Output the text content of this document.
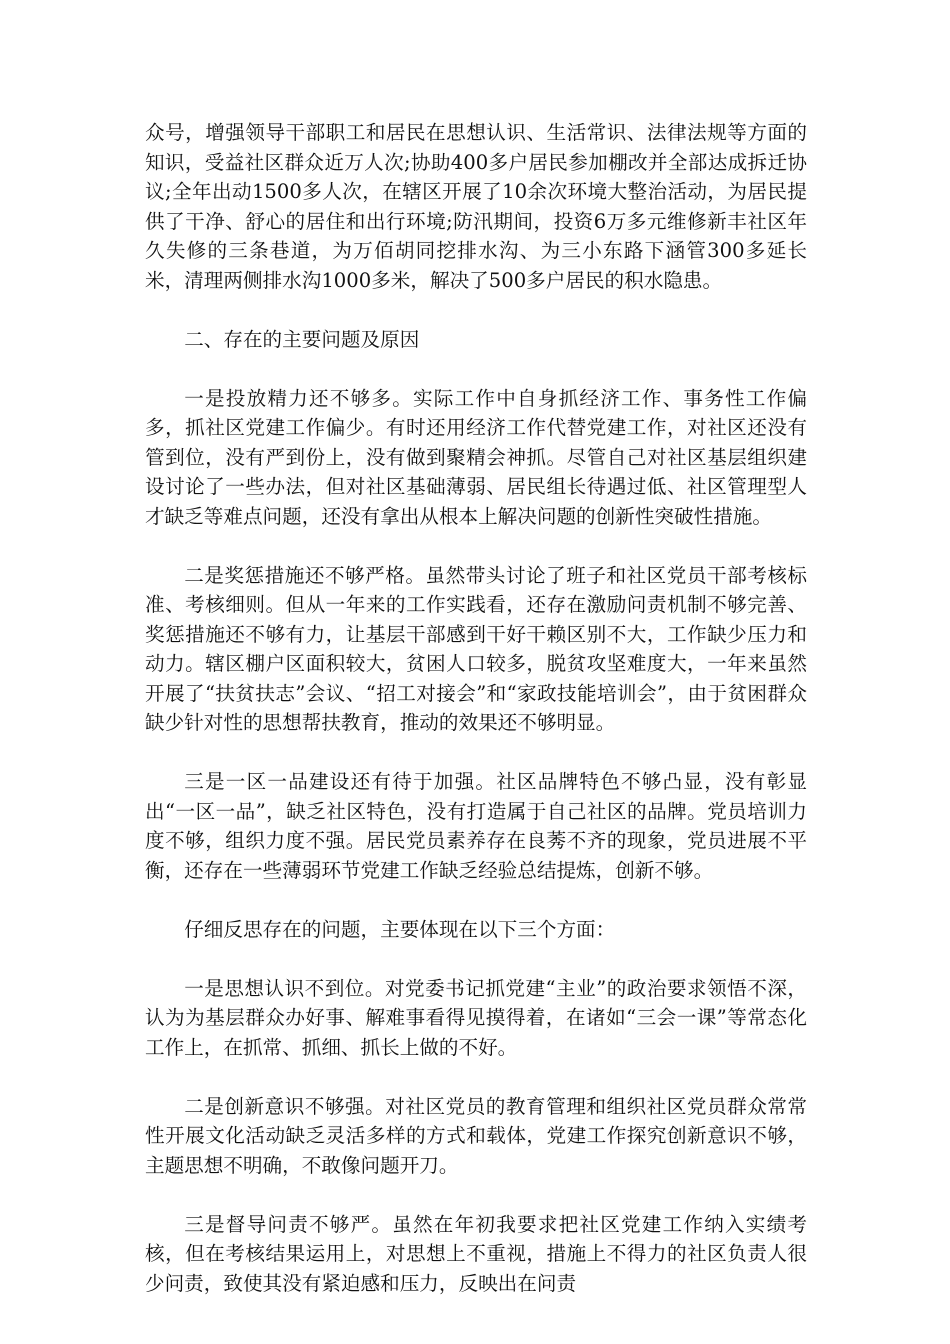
众号，增强领导干部职工和居民在思想认识、生活常识、法律法规等方面的知识，受益社区群众近万人次;协助400多户居民参加棚改并全部达成拆迁协议;全年出动1500多人次，在辖区开展了10余次环境大整治活动，为居民提供了干净、舒心的居住和出行环境;防汛期间，投资6万多元维修新丰社区年久失修的三条巷道，为万佰胡同挖排水沟、为三小东路下涵管300多延长米，清理两侧排水沟1000多米，解决了500多户居民的积水隐患。

二、存在的主要问题及原因

一是投放精力还不够多。实际工作中自身抓经济工作、事务性工作偏多，抓社区党建工作偏少。有时还用经济工作代替党建工作，对社区还没有管到位，没有严到份上，没有做到聚精会神抓。尽管自己对社区基层组织建设讨论了一些办法，但对社区基础薄弱、居民组长待遇过低、社区管理型人才缺乏等难点问题，还没有拿出从根本上解决问题的创新性突破性措施。

二是奖惩措施还不够严格。虽然带头讨论了班子和社区党员干部考核标准、考核细则。但从一年来的工作实践看，还存在激励问责机制不够完善、奖惩措施还不够有力，让基层干部感到干好干赖区别不大，工作缺少压力和动力。辖区棚户区面积较大，贫困人口较多，脱贫攻坚难度大，一年来虽然开展了“扶贫扶志”会议、“招工对接会”和“家政技能培训会”，由于贫困群众缺少针对性的思想帮扶教育，推动的效果还不够明显。

三是一区一品建设还有待于加强。社区品牌特色不够凸显，没有彰显出“一区一品”，缺乏社区特色，没有打造属于自己社区的品牌。党员培训力度不够，组织力度不强。居民党员素养存在良莠不齐的现象，党员进展不平衡，还存在一些薄弱环节党建工作缺乏经验总结提炼，创新不够。

仔细反思存在的问题，主要体现在以下三个方面：

一是思想认识不到位。对党委书记抓党建“主业”的政治要求领悟不深，认为为基层群众办好事、解难事看得见摸得着，在诸如“三会一课”等常态化工作上，在抓常、抓细、抓长上做的不好。

二是创新意识不够强。对社区党员的教育管理和组织社区党员群众常常性开展文化活动缺乏灵活多样的方式和载体，党建工作探究创新意识不够，主题思想不明确，不敢像问题开刀。

三是督导问责不够严。虽然在年初我要求把社区党建工作纳入实绩考核，但在考核结果运用上，对思想上不重视，措施上不得力的社区负责人很少问责，致使其没有紧迫感和压力，反映出在问责
